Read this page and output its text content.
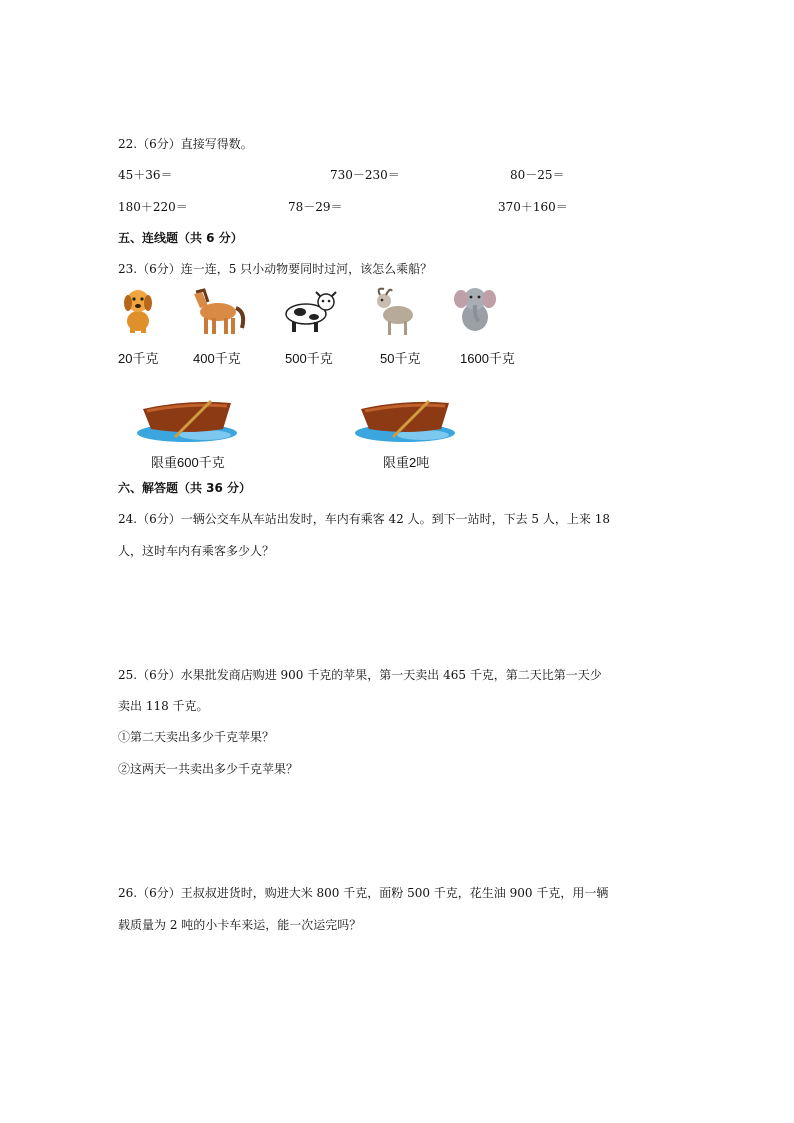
22.（6分）直接写得数。
45＋36＝	730－230＝	80－25＝
180＋220＝	78－29＝	370＋160＝
五、连线题（共 6 分）
23.（6分）连一连，5 只小动物要同时过河，该怎么乘船？
20千克	400千克	500千克	50千克	1600千克
限重600千克	限重2吨
六、解答题（共 36 分）
24.（6分）一辆公交车从车站出发时，车内有乘客 42 人。到下一站时，下去 5 人，上来 18
人，这时车内有乘客多少人？
25.（6分）水果批发商店购进 900 千克的苹果，第一天卖出 465 千克，第二天比第一天少
卖出 118 千克。
①第二天卖出多少千克苹果？
②这两天一共卖出多少千克苹果？
26.（6分）王叔叔进货时，购进大米 800 千克，面粉 500 千克，花生油 900 千克，用一辆
载质量为 2 吨的小卡车来运，能一次运完吗？
